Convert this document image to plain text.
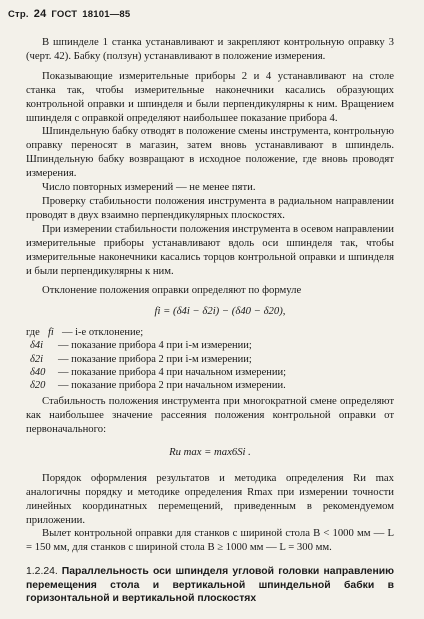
Стр. 24 ГОСТ 18101—85

В шпинделе 1 станка устанавливают и закрепляют контрольную оправку 3 (черт. 42). Бабку (ползун) устанавливают в положение измерения.

Показывающие измерительные приборы 2 и 4 устанавливают на столе станка так, чтобы измерительные наконечники касались образующих контрольной оправки и шпинделя и были перпендикулярны к ним. Вращением шпинделя с оправкой определяют наибольшее показание прибора 4.

Шпиндельную бабку отводят в положение смены инструмента, контрольную оправку переносят в магазин, затем вновь устанавливают в шпиндель. Шпиндельную бабку возвращают в исходное положение, где вновь проводят измерения.

Число повторных измерений — не менее пяти.

Проверку стабильности положения инструмента в радиальном направлении проводят в двух взаимно перпендикулярных плоскостях.

При измерении стабильности положения инструмента в осевом направлении измерительные приборы устанавливают вдоль оси шпинделя так, чтобы измерительные наконечники касались торцов контрольной оправки и шпинделя и были перпендикулярны к ним.

Отклонение положения оправки определяют по формуле

fi = (δ4i − δ2i) − (δ40 − δ20),
где fi — i-е отклонение;
δ4i	— показание прибора 4 при i-м измерении;
δ2i	— показание прибора 2 при i-м измерении;
δ40	— показание прибора 4 при начальном измерении;
δ20	— показание прибора 2 при начальном измерении.

Стабильность положения инструмента при многократной смене определяют как наибольшее значение рассеяния положения контрольной оправки от первоначального:

Rи max = max6Si .

Порядок оформления результатов и методика определения Rи max аналогичны порядку и методике определения Rmax при измерении точности линейных координатных перемещений, приведенным в рекомендуемом приложении.

Вылет контрольной оправки для станков с шириной стола B < 1000 мм — L = 150 мм, для станков с шириной стола B ≥ 1000 мм — L = 300 мм.

1.2.24. Параллельность оси шпинделя угловой головки направлению перемещения стола и вертикальной шпиндельной бабки в горизонтальной и вертикальной плоскостях
